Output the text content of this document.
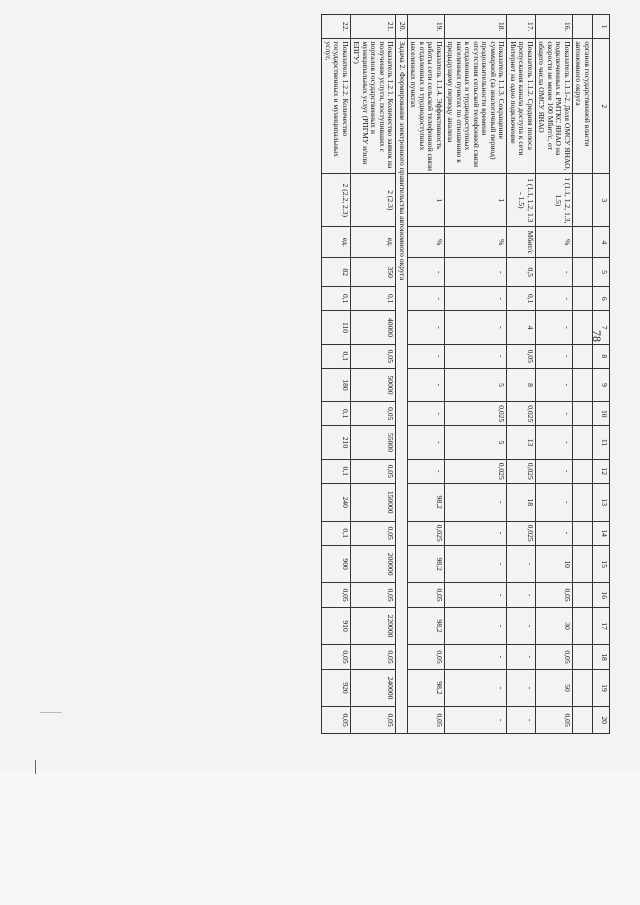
78
1	2	3	4	5	6	7	8	9	10	11	12	13	14	15	16	17	18	19	20
	органов государственной власти автономного округа																		
16.	Показатель 1.1.1-2. Доля ОМСУ ЯНАО, подключенных к РМТКС ЯНАО на скорости не менее 100 Мбит/с, от общего числа ОМСУ ЯНАО	1 (1.1, 1.2, 1.3, 1.5)	%	-	-	-	-	-	-	-	-	-	-	10	0,05	30	0,05	50	0,05
17.	Показатель 1.1.2. Средняя полоса пропускания канала доступа к сети Интернет на одно подключение	1 (1.1, 1.2, 1.3 - 1.5)	Мбит/с	0,5	0,1	4	0,05	8	0,025	13	0,025	18	0,025	-	-	-	-	-	-
18.	Показатель 1.1.3. Сокращение суммарной (за аналогичный период) продолжительности времени отсутствия сельской телефонной связи в отдаленных и труднодоступных населенных пунктах по отношению к предыдущему периоду анализа	1	%	-	-	-	-	5	0,025	5	0,025	-	-	-	-	-	-	-	-
19.	Показатель 1.1.4. Эффективность работы сети сельской телефонной связи в отдаленных и труднодоступных населенных пунктах	1	%	-	-	-	-	-	-	-	-	98,2	0,025	98,2	0,05	98,2	0,05	98,2	0,05
20.	Задача 2. Формирование электронного правительства автономного округа																		
21.	Показатель 1.2.1. Количество заявок на получение услуги, поступивших с порталов государственных и муниципальных услуг (РПГМУ и/или ЕПГУ)	2 (2.3)	ед.	350	0,1	40000	0,05	50000	0,05	55000	0,05	150000	0,05	200000	0,05	220000	0,05	240000	0,05
22.	Показатель 1.2.2. Количество государственных и муниципальных услуг,	2 (2.2, 2.3)	ед.	82	0,1	110	0,1	180	0,1	210	0,1	240	0,1	900	0,05	910	0,05	920	0,05
